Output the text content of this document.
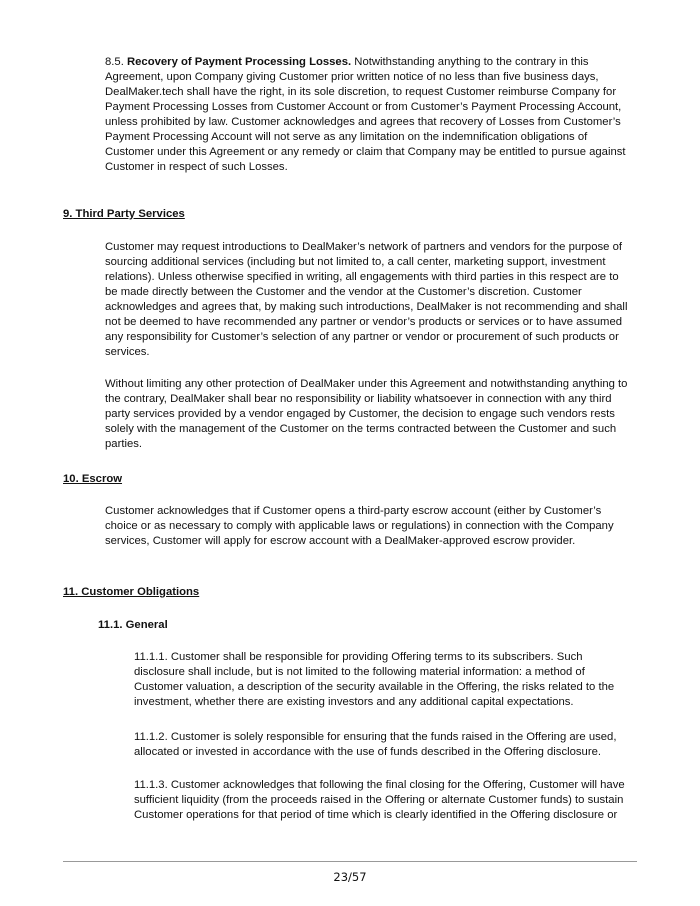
8.5. Recovery of Payment Processing Losses. Notwithstanding anything to the contrary in this
Agreement, upon Company giving Customer prior written notice of no less than five business days,
DealMaker.tech shall have the right, in its sole discretion, to request Customer reimburse Company for
Payment Processing Losses from Customer Account or from Customer’s Payment Processing Account,
unless prohibited by law. Customer acknowledges and agrees that recovery of Losses from Customer’s
Payment Processing Account will not serve as any limitation on the indemnification obligations of
Customer under this Agreement or any remedy or claim that Company may be entitled to pursue against
Customer in respect of such Losses.
9. Third Party Services
Customer may request introductions to DealMaker’s network of partners and vendors for the purpose of
sourcing additional services (including but not limited to, a call center, marketing support, investment
relations). Unless otherwise specified in writing, all engagements with third parties in this respect are to
be made directly between the Customer and the vendor at the Customer’s discretion. Customer
acknowledges and agrees that, by making such introductions, DealMaker is not recommending and shall
not be deemed to have recommended any partner or vendor’s products or services or to have assumed
any responsibility for Customer’s selection of any partner or vendor or procurement of such products or
services.
Without limiting any other protection of DealMaker under this Agreement and notwithstanding anything to
the contrary, DealMaker shall bear no responsibility or liability whatsoever in connection with any third
party services provided by a vendor engaged by Customer, the decision to engage such vendors rests
solely with the management of the Customer on the terms contracted between the Customer and such
parties.
10. Escrow
Customer acknowledges that if Customer opens a third-party escrow account (either by Customer’s
choice or as necessary to comply with applicable laws or regulations) in connection with the Company
services, Customer will apply for escrow account with a DealMaker-approved escrow provider.
11. Customer Obligations
11.1. General
11.1.1. Customer shall be responsible for providing Offering terms to its subscribers. Such
disclosure shall include, but is not limited to the following material information: a method of
Customer valuation, a description of the security available in the Offering, the risks related to the
investment, whether there are existing investors and any additional capital expectations.
11.1.2. Customer is solely responsible for ensuring that the funds raised in the Offering are used,
allocated or invested in accordance with the use of funds described in the Offering disclosure.
11.1.3. Customer acknowledges that following the final closing for the Offering, Customer will have
sufficient liquidity (from the proceeds raised in the Offering or alternate Customer funds) to sustain
Customer operations for that period of time which is clearly identified in the Offering disclosure or
23/57
